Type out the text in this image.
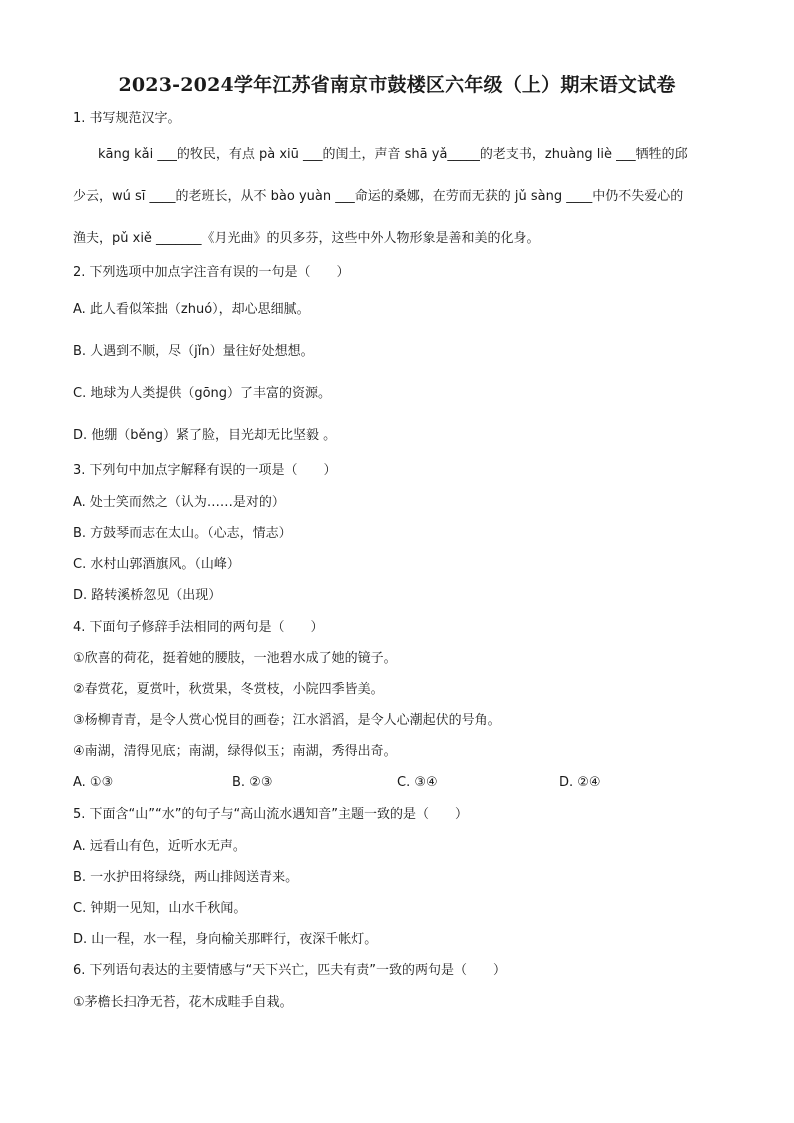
2023-2024学年江苏省南京市鼓楼区六年级（上）期末语文试卷
1. 书写规范汉字。
kāng kǎi ___的牧民，有点 pà xiū ___的闺土，声音 shā yǎ_____的老支书，zhuàng liè ___牺牲的邱
少云，wú sī ____的老班长，从不 bào yuàn ___命运的桑娜，在劳而无获的 jǔ sàng ____中仍不失爱心的
渔夫，pǔ xiě _______《月光曲》的贝多芬，这些中外人物形象是善和美的化身。
2. 下列选项中加点字注音有误的一句是（　　）
A. 此人看似笨拙（zhuó），却心思细腻。
B. 人遇到不顺，尽（jǐn）量往好处想想。
C. 地球为人类提供（gōng）了丰富的资源。
D. 他绷（běng）紧了脸，目光却无比坚毅 。
3. 下列句中加点字解释有误的一项是（　　）
A. 处士笑而然之（认为……是对的）
B. 方鼓琴而志在太山。（心志，情志）
C. 水村山郭酒旗风。（山峰）
D. 路转溪桥忽见（出现）
4. 下面句子修辞手法相同的两句是（　　）
①欣喜的荷花，挺着她的腰肢，一池碧水成了她的镜子。
②春赏花，夏赏叶，秋赏果，冬赏枝，小院四季皆美。
③杨柳青青，是令人赏心悦目的画卷；江水滔滔，是令人心潮起伏的号角。
④南湖，清得见底；南湖，绿得似玉；南湖，秀得出奇。
A. ①③	B. ②③	C. ③④	D. ②④
5. 下面含“山”“水”的句子与“高山流水遇知音”主题一致的是（　　）
A. 远看山有色，近听水无声。
B. 一水护田将绿绕，两山排闼送青来。
C. 钟期一见知，山水千秋闻。
D. 山一程，水一程，身向榆关那畔行，夜深千帐灯。
6. 下列语句表达的主要情感与“天下兴亡，匹夫有责”一致的两句是（　　）
①茅檐长扫净无苔，花木成畦手自栽。
